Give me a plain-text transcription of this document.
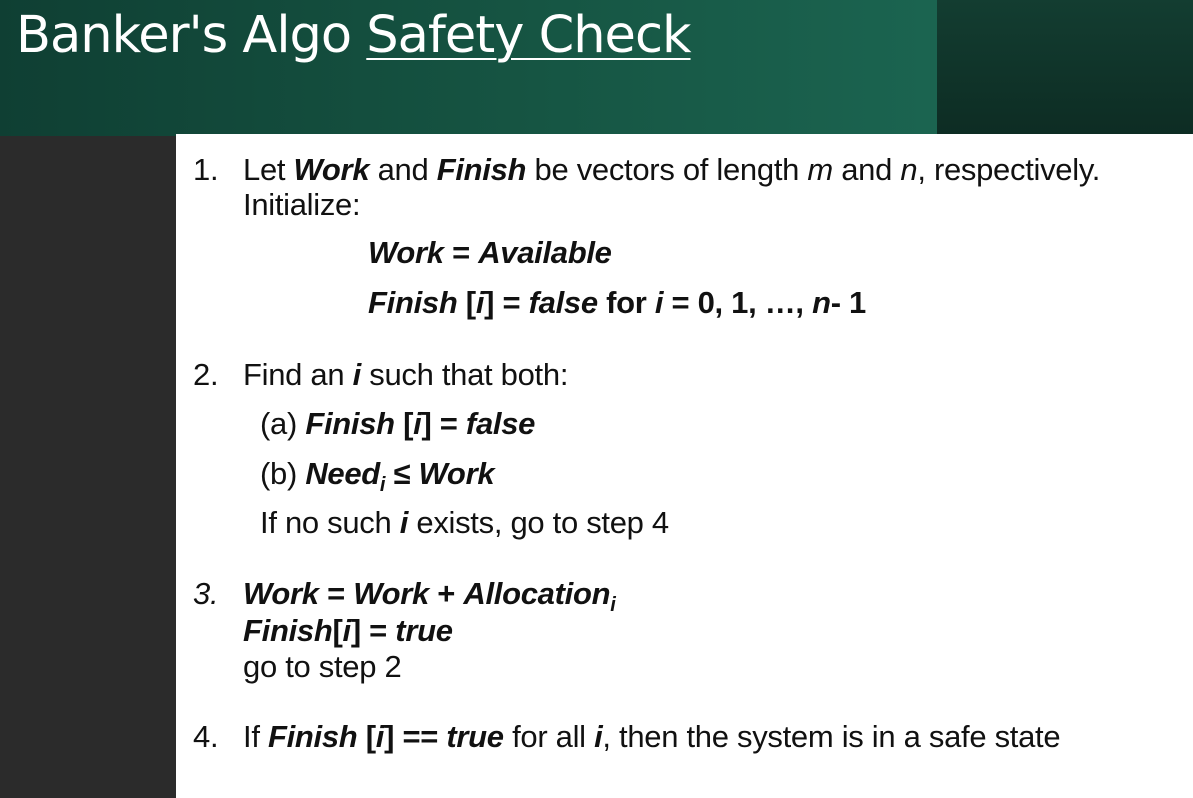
Banker's Algo Safety Check
1. Let Work and Finish be vectors of length m and n, respectively.
Initialize:
Work = Available
Finish [i] = false for i = 0, 1, …, n- 1
2. Find an i such that both:
(a) Finish [i] = false
(b) Need$_i$ ≤ Work
If no such i exists, go to step 4
3. Work = Work + Allocation$_i$
Finish[i] = true
go to step 2
4. If Finish [i] == true for all i, then the system is in a safe state
